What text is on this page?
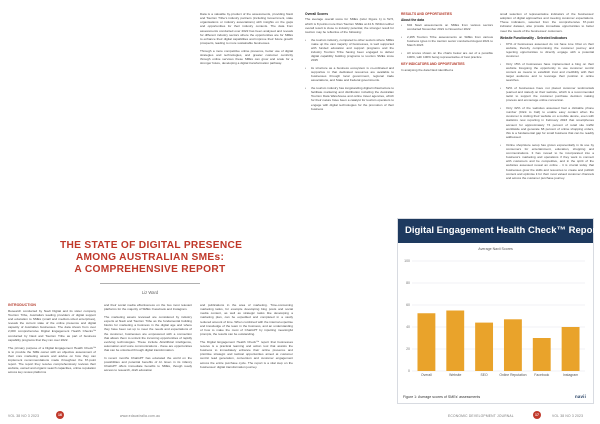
Data is a valuable by-product of the assessments, providing Navii and Tourism Tribe's industry partners (including Government, state organisations or industry associations) with insights on the gaps and opportunities for their industry contexts. The data from assessments conducted over 2022 has been analysed and reveals for different industry sectors where the opportunities are for SMEs to enhance their digital capabilities and improve their future growth prospects, leading to more sustainable businesses.

Through a more competitive online presence, better use of digital strategies and technologies, and greater customer centricity through online services these SMEs can grow and scale for a stronger future, developing a digital transformation pathway.

THE STATE OF DIGITAL PRESENCE
AMONG AUSTRALIAN SMEs:
A COMPREHENSIVE REPORT
Liz Ward
INTRODUCTION

Research conducted by Navii Digital and its sister company Tourism Tribe, Australia's leading providers of digital support and education to SMEs (small and medium-sized enterprises), reveals the current state of the online presence and digital capacity of Australian businesses. The data shows from over 2,000 comprehensive Digital Engagement Health Checks™ conducted by Navii and Tourism Tribe as part of business capability programs that they ran over 2022.

The primary purpose of a Digital Engagement Health Check™ is to provide the SME owner with an objective assessment of their core marketing assets and advise on how they can implement recommendations made throughout the 67-point report. The report they receive comprehensively reviews their website, owned and organic search capacities, online reputation across key review platforms

and their social media effectiveness on the two most relevant platforms for the majority of SMEs: Facebook and Instagram.

The marketing assets reviewed are considered by industry experts at Navii and Tourism Tribe as the fundamental building blocks for marketing a business in the digital age and where they have been set up to meet the needs and expectations of the customer, businesses are empowered with a connection that allows them to unlock the incoming opportunities of rapidly evolving technologies. These include AI/artificial intelligence, automation and voice communications - these are opportunities that can be unlocked through digital transformation.

In recent months ChatGPT has educated the world on the possibilities and potential benefits of AI. Even in its infancy ChatGPT offers immediate benefits to SMEs, though ready access to research, draft education

and publications in the area of marketing. Time-consuming marketing tasks, for example developing blog posts and social media content, as well as strategic tasks like developing a marketing plan, can be expedited and completed in a vastly reduced amount of time. When combined with the internal expertise and knowledge of the team in the business, and an understanding of how to make the most of ChatGPT by inputting meaningful prompts, the results can be outstanding.

The Digital Engagement Health Check™ report that businesses receive is a practical learning and action tool that assists the business to immediately enhance their online presence and prioritise strategic and tactical opportunities aimed at customer centric lead generation, conversion and customer engagement across the entire purchase cycle. The report is a vital step on the businesses' digital transformation journey.

VOL 38 NO 3 2023	16	www.edaustralia.com.au
Overall Scores

The average overall score for SMEs (refer Figure 1) is 52.5, which is 8 points more than Tourism SMEs at 44.6. Whilst neither overall result is close to industry potential, the stronger result for tourism may be reflective of the following:

• the tourism industry, compared to other sectors where SMEs make up the vast majority of businesses, is well supported with funded education and support programs and the industry Tourism Tribe having been engaged to deliver digital capability building programs to tourism SMEs since 2015
• its structure as a business ecosystem is co-ordinated and supportive in that dedicated resources are available to businesses through local government, regional trade associations, and State and Federal governments.
• the tourism industry has longstanding digital infrastructure to facilitate marketing and distribution including the Australian Tourism Data Warehouse and online travel agencies, which for their nature have been a catalyst for tourism operators to engage with digital technologies for the promotion of their business
RESULTS AND OPPORTUNITIES
About the data
• 602 Navii assessments on SMEs from various sectors conducted November 2021 to November 2022
• 2,265 Tourism Tribe assessments on SMEs from various business types in the tourism sector conducted August 2021 to March 2023
• All scores shown on the charts below are out of a possible 100%, with 100% being representative of best practice
KEY INDICATORS AND OPPORTUNITIES

In analysing the data Navii identified a

small selection of representative indicators of the businesses' adoption of digital approaches and meeting customer expectations. These indicators, selected from the comprehensive 67-point indicator dataset, also provide immediate opportunities to better meet the needs of the businesses' customers.

Website Functionality - Selected Indicators
• 97% of businesses assessed do not have Live Chat on their website, thereby compromising the customer journey and rejecting opportunities to directly engage with a potential customer.
• Only 15% of businesses have implemented a blog on their website foregoing the opportunity to use customer centric content as means to establish trust and credibility with their target audience and to leverage their position in online searches.
• 52% of businesses have not placed customer testimonials (earned and stated) on their website, which is a recommended tactic to support the customer purchase decision making process and encourage online conversion.
• Only 32% of the websites assessed had a clickable phone number (Click to Call) to enable easy contact when the customer is visiting their website on a mobile device, even with statistics now reporting in February 2023 that smartphones account for approximately 74 percent of retail site traffic worldwide and generate 68 percent of online shopping orders, this is a fundamental gap for small business that can be readily addressed.
• Online shop/store setup has grown exponentially in its use by consumers for entertainment, education, shopping and communications. It has moved to be incorporated into a business's marketing and operations if they want to connect with customers and be competitive, and in the spirit of the websites assessed reveal an online - it is crucial today that businesses grow the skills and resources to create and publish content and optimise it for their most valued customer channels and across the customer purchase journey.
Digital Engagement Health Check™ Report
Average Navii Scores
0
20
40
60
80
100
Overall	Website	SEO	Online Reputation Facebook	Instagram
Figure 1: Average scores of SMEs' assessments	navii
ECONOMIC DEVELOPMENT JOURNAL	17	VOL 38 NO 3 2023
